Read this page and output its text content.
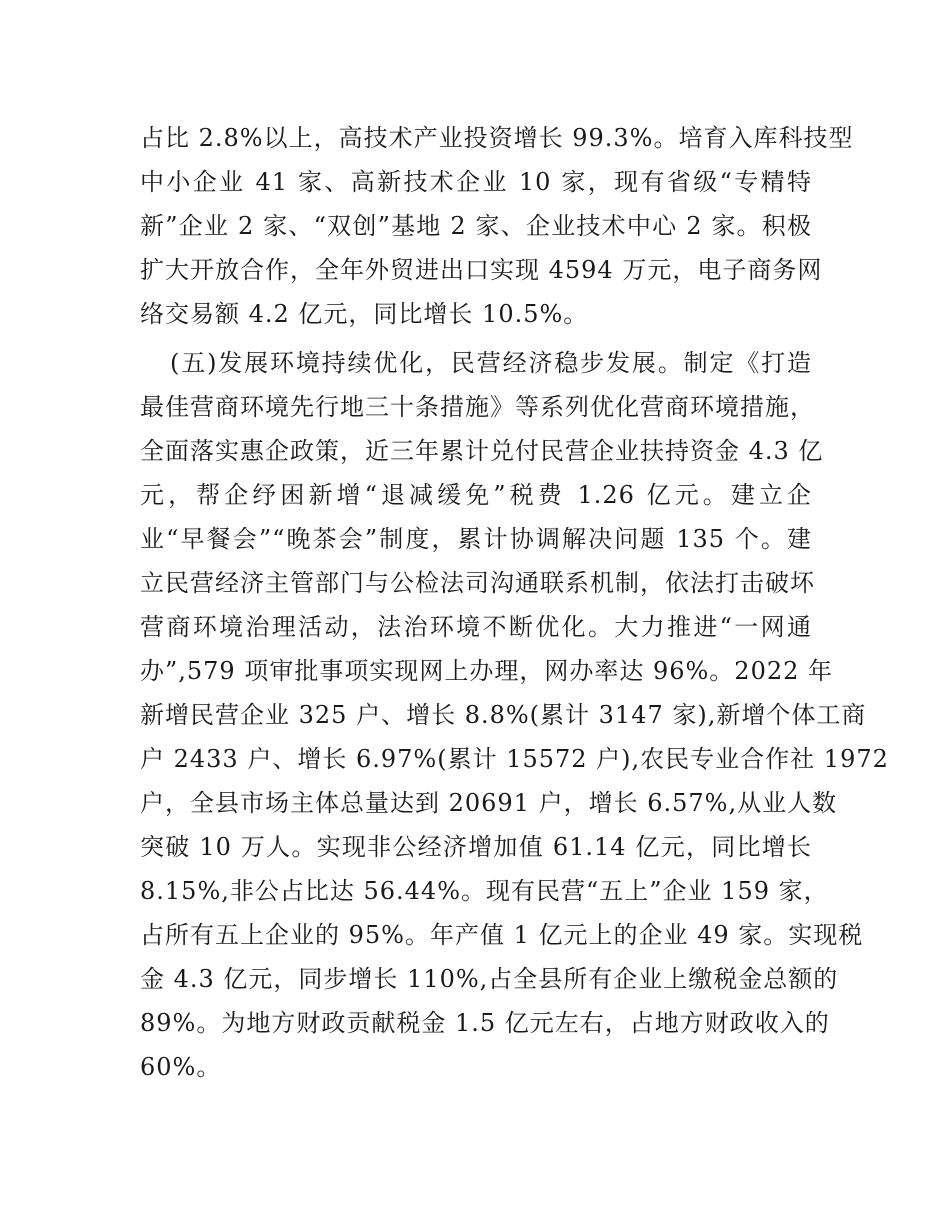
占比 2.8%以上，高技术产业投资增长 99.3%。培育入库科技型
中小企业 41 家、高新技术企业 10 家，现有省级“专精特
新”企业 2 家、“双创”基地 2 家、企业技术中心 2 家。积极
扩大开放合作，全年外贸进出口实现 4594 万元，电子商务网
络交易额 4.2 亿元，同比增长 10.5%。
(五)发展环境持续优化，民营经济稳步发展。制定《打造
最佳营商环境先行地三十条措施》等系列优化营商环境措施，
全面落实惠企政策，近三年累计兑付民营企业扶持资金 4.3 亿
元，帮企纾困新增“退减缓免”税费 1.26 亿元。建立企
业“早餐会”“晚茶会”制度，累计协调解决问题 135 个。建
立民营经济主管部门与公检法司沟通联系机制，依法打击破坏
营商环境治理活动，法治环境不断优化。大力推进“一网通
办”,579 项审批事项实现网上办理，网办率达 96%。2022 年
新增民营企业 325 户、增长 8.8%(累计 3147 家),新增个体工商
户 2433 户、增长 6.97%(累计 15572 户),农民专业合作社 1972
户，全县市场主体总量达到 20691 户，增长 6.57%,从业人数
突破 10 万人。实现非公经济增加值 61.14 亿元，同比增长
8.15%,非公占比达 56.44%。现有民营“五上”企业 159 家，
占所有五上企业的 95%。年产值 1 亿元上的企业 49 家。实现税
金 4.3 亿元，同步增长 110%,占全县所有企业上缴税金总额的
89%。为地方财政贡献税金 1.5 亿元左右，占地方财政收入的
60%。
